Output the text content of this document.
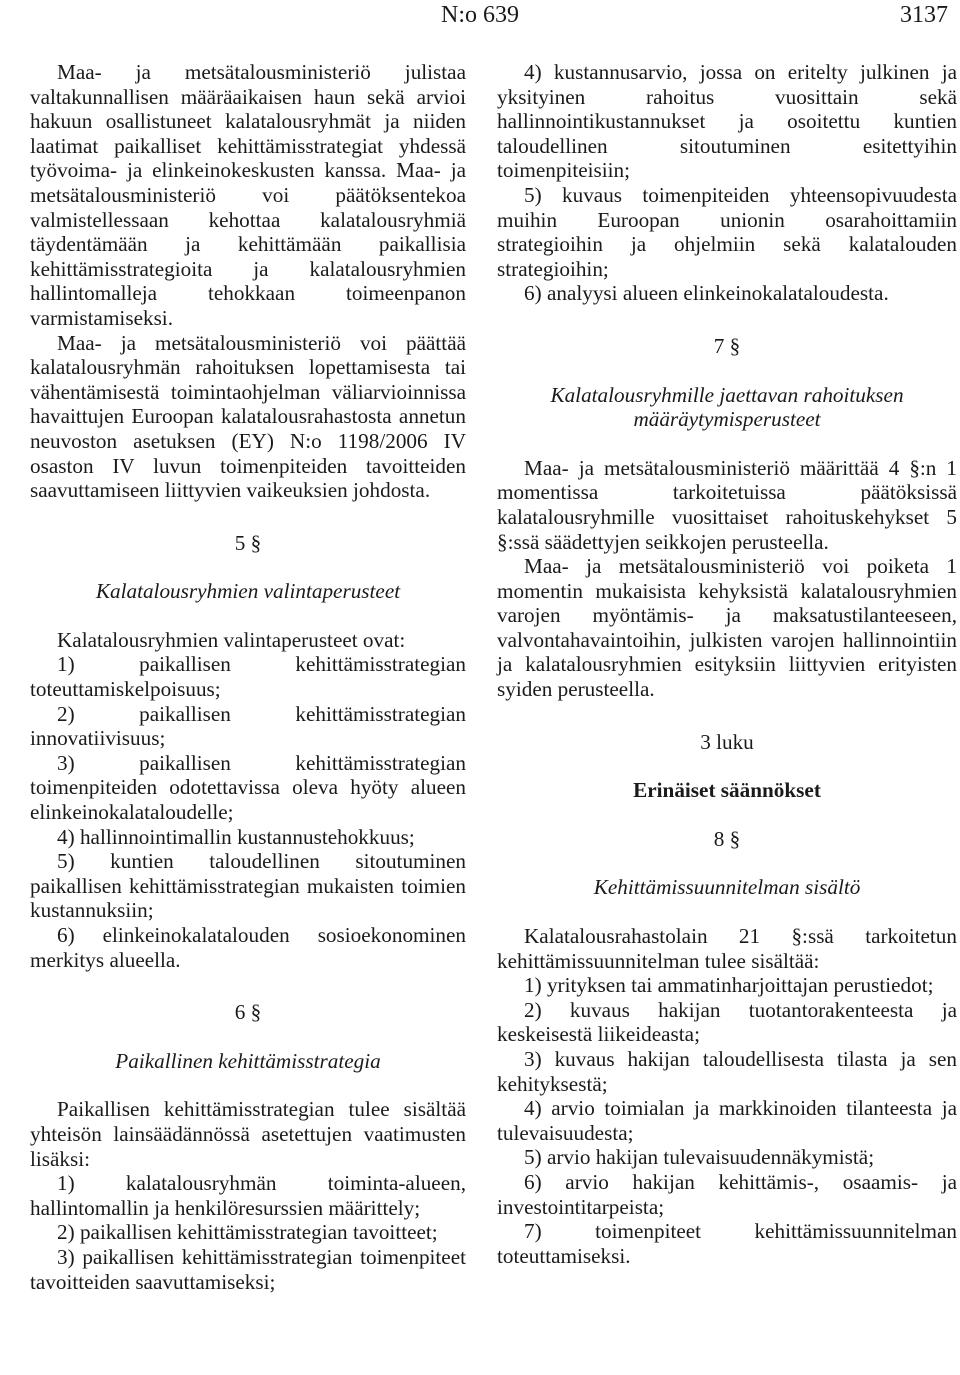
N:o 639	3137

Maa- ja metsätalousministeriö julistaa valtakunnallisen määräaikaisen haun sekä arvioi hakuun osallistuneet kalatalousryhmät ja niiden laatimat paikalliset kehittämisstrategiat yhdessä työvoima- ja elinkeinokeskusten kanssa. Maa- ja metsätalousministeriö voi päätöksentekoa valmistellessaan kehottaa kalatalousryhmiä täydentämään ja kehittämään paikallisia kehittämisstrategioita ja kalatalousryhmien hallintomalleja tehokkaan toimeenpanon varmistamiseksi.

Maa- ja metsätalousministeriö voi päättää kalatalousryhmän rahoituksen lopettamisesta tai vähentämisestä toimintaohjelman väliarvioinnissa havaittujen Euroopan kalatalousrahastosta annetun neuvoston asetuksen (EY) N:o 1198/2006 IV osaston IV luvun toimenpiteiden tavoitteiden saavuttamiseen liittyvien vaikeuksien johdosta.

5 §

Kalatalousryhmien valintaperusteet

Kalatalousryhmien valintaperusteet ovat:

1) paikallisen kehittämisstrategian toteuttamiskelpoisuus;

2) paikallisen kehittämisstrategian innovatiivisuus;

3) paikallisen kehittämisstrategian toimenpiteiden odotettavissa oleva hyöty alueen elinkeinokalataloudelle;

4) hallinnointimallin kustannustehokkuus;

5) kuntien taloudellinen sitoutuminen paikallisen kehittämisstrategian mukaisten toimien kustannuksiin;

6) elinkeinokalatalouden sosioekonominen merkitys alueella.

6 §

Paikallinen kehittämisstrategia

Paikallisen kehittämisstrategian tulee sisältää yhteisön lainsäädännössä asetettujen vaatimusten lisäksi:

1) kalatalousryhmän toiminta-alueen, hallintomallin ja henkilöresurssien määrittely;

2) paikallisen kehittämisstrategian tavoitteet;

3) paikallisen kehittämisstrategian toimenpiteet tavoitteiden saavuttamiseksi;

4) kustannusarvio, jossa on eritelty julkinen ja yksityinen rahoitus vuosittain sekä hallinnointikustannukset ja osoitettu kuntien taloudellinen sitoutuminen esitettyihin toimenpiteisiin;

5) kuvaus toimenpiteiden yhteensopivuudesta muihin Euroopan unionin osarahoittamiin strategioihin ja ohjelmiin sekä kalatalouden strategioihin;

6) analyysi alueen elinkeinokalataloudesta.

7 §

Kalatalousryhmille jaettavan rahoituksen määräytymisperusteet

Maa- ja metsätalousministeriö määrittää 4 §:n 1 momentissa tarkoitetuissa päätöksissä kalatalousryhmille vuosittaiset rahoituskehykset 5 §:ssä säädettyjen seikkojen perusteella.

Maa- ja metsätalousministeriö voi poiketa 1 momentin mukaisista kehyksistä kalatalousryhmien varojen myöntämis- ja maksatustilanteeseen, valvontahavaintoihin, julkisten varojen hallinnointiin ja kalatalousryhmien esityksiin liittyvien erityisten syiden perusteella.

3 luku

Erinäiset säännökset

8 §

Kehittämissuunnitelman sisältö

Kalatalousrahastolain 21 §:ssä tarkoitetun kehittämissuunnitelman tulee sisältää:

1) yrityksen tai ammatinharjoittajan perustiedot;

2) kuvaus hakijan tuotantorakenteesta ja keskeisestä liikeideasta;

3) kuvaus hakijan taloudellisesta tilasta ja sen kehityksestä;

4) arvio toimialan ja markkinoiden tilanteesta ja tulevaisuudesta;

5) arvio hakijan tulevaisuudennäkymistä;

6) arvio hakijan kehittämis-, osaamis- ja investointitarpeista;

7) toimenpiteet kehittämissuunnitelman toteuttamiseksi.
